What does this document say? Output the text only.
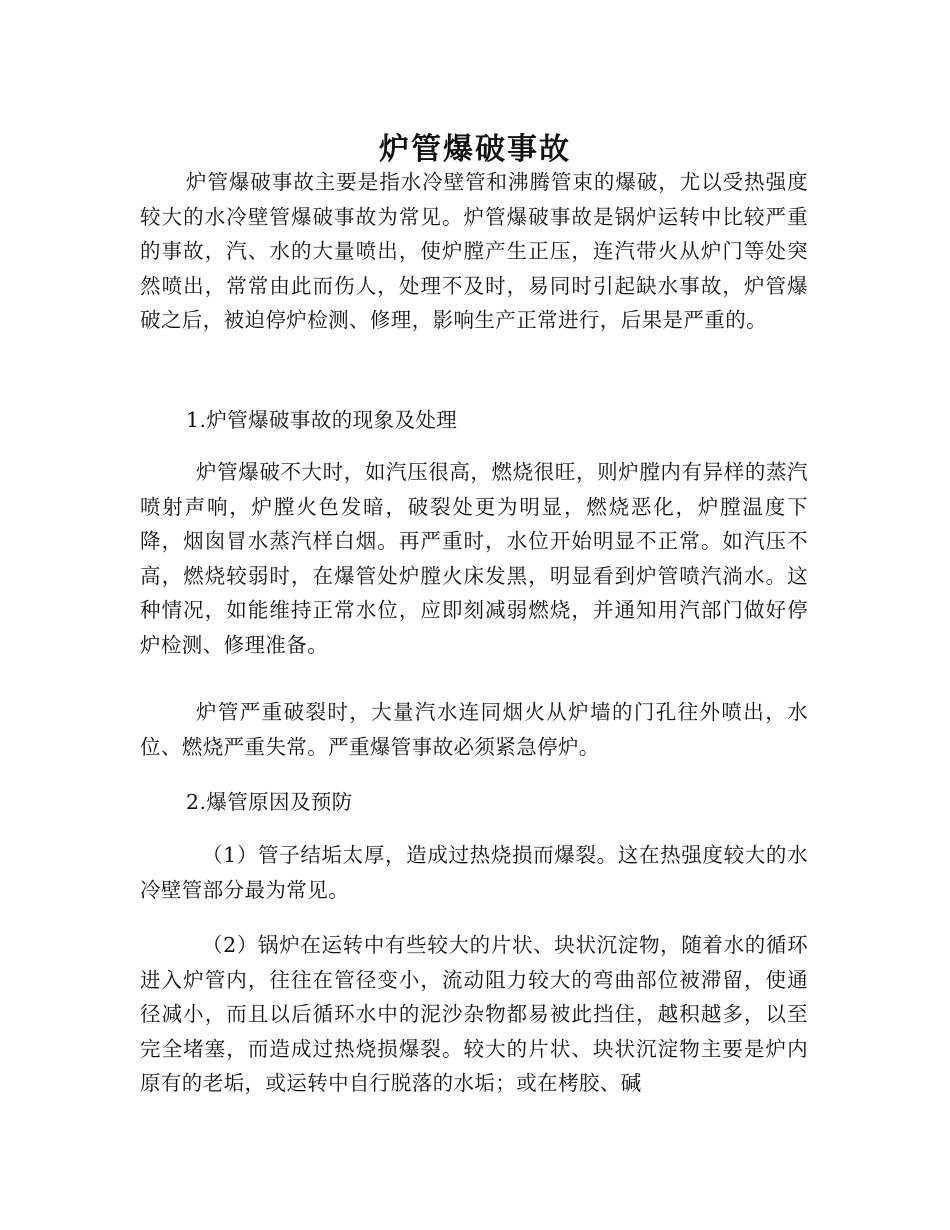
炉管爆破事故

炉管爆破事故主要是指水冷壁管和沸腾管束的爆破，尤以受热强度较大的水冷壁管爆破事故为常见。炉管爆破事故是锅炉运转中比较严重的事故，汽、水的大量喷出，使炉膛产生正压，连汽带火从炉门等处突然喷出，常常由此而伤人，处理不及时，易同时引起缺水事故，炉管爆破之后，被迫停炉检测、修理，影响生产正常进行，后果是严重的。

1.炉管爆破事故的现象及处理

炉管爆破不大时，如汽压很高，燃烧很旺，则炉膛内有异样的蒸汽喷射声响，炉膛火色发暗，破裂处更为明显，燃烧恶化，炉膛温度下降，烟囱冒水蒸汽样白烟。再严重时，水位开始明显不正常。如汽压不高，燃烧较弱时，在爆管处炉膛火床发黑，明显看到炉管喷汽淌水。这种情况，如能维持正常水位，应即刻减弱燃烧，并通知用汽部门做好停炉检测、修理准备。

炉管严重破裂时，大量汽水连同烟火从炉墙的门孔往外喷出，水位、燃烧严重失常。严重爆管事故必须紧急停炉。

2.爆管原因及预防

（1）管子结垢太厚，造成过热烧损而爆裂。这在热强度较大的水冷壁管部分最为常见。

（2）锅炉在运转中有些较大的片状、块状沉淀物，随着水的循环进入炉管内，往往在管径变小，流动阻力较大的弯曲部位被滞留，使通径减小，而且以后循环水中的泥沙杂物都易被此挡住，越积越多，以至完全堵塞，而造成过热烧损爆裂。较大的片状、块状沉淀物主要是炉内原有的老垢，或运转中自行脱落的水垢；或在栲胶、碱
